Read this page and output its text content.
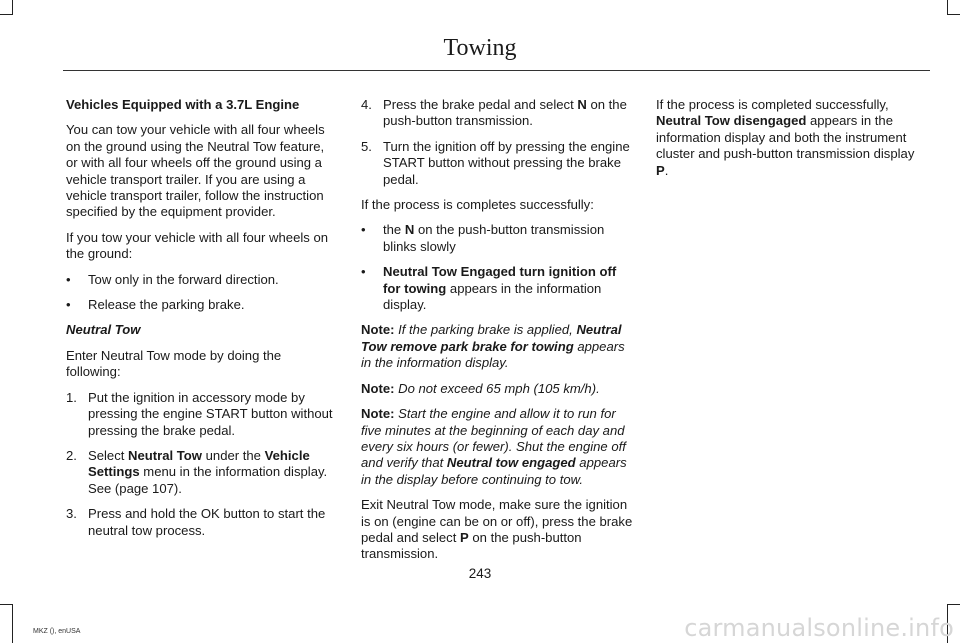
Towing

Vehicles Equipped with a 3.7L Engine

You can tow your vehicle with all four wheels on the ground using the Neutral Tow feature, or with all four wheels off the ground using a vehicle transport trailer. If you are using a vehicle transport trailer, follow the instruction specified by the equipment provider.

If you tow your vehicle with all four wheels on the ground:

• Tow only in the forward direction.
• Release the parking brake.

Neutral Tow

Enter Neutral Tow mode by doing the following:

1. Put the ignition in accessory mode by pressing the engine START button without pressing the brake pedal.
2. Select Neutral Tow under the Vehicle Settings menu in the information display. See (page 107).
3. Press and hold the OK button to start the neutral tow process.
4. Press the brake pedal and select N on the push-button transmission.
5. Turn the ignition off by pressing the engine START button without pressing the brake pedal.

If the process is completes successfully:

• the N on the push-button transmission blinks slowly
• Neutral Tow Engaged turn ignition off for towing appears in the information display.

Note: If the parking brake is applied, Neutral Tow remove park brake for towing appears in the information display.

Note: Do not exceed 65 mph (105 km/h).

Note: Start the engine and allow it to run for five minutes at the beginning of each day and every six hours (or fewer). Shut the engine off and verify that Neutral tow engaged appears in the display before continuing to tow.

Exit Neutral Tow mode, make sure the ignition is on (engine can be on or off), press the brake pedal and select P on the push-button transmission.

If the process is completed successfully, Neutral Tow disengaged appears in the information display and both the instrument cluster and push-button transmission display P.

243
MKZ (), enUSA	carmanualsonline.info
